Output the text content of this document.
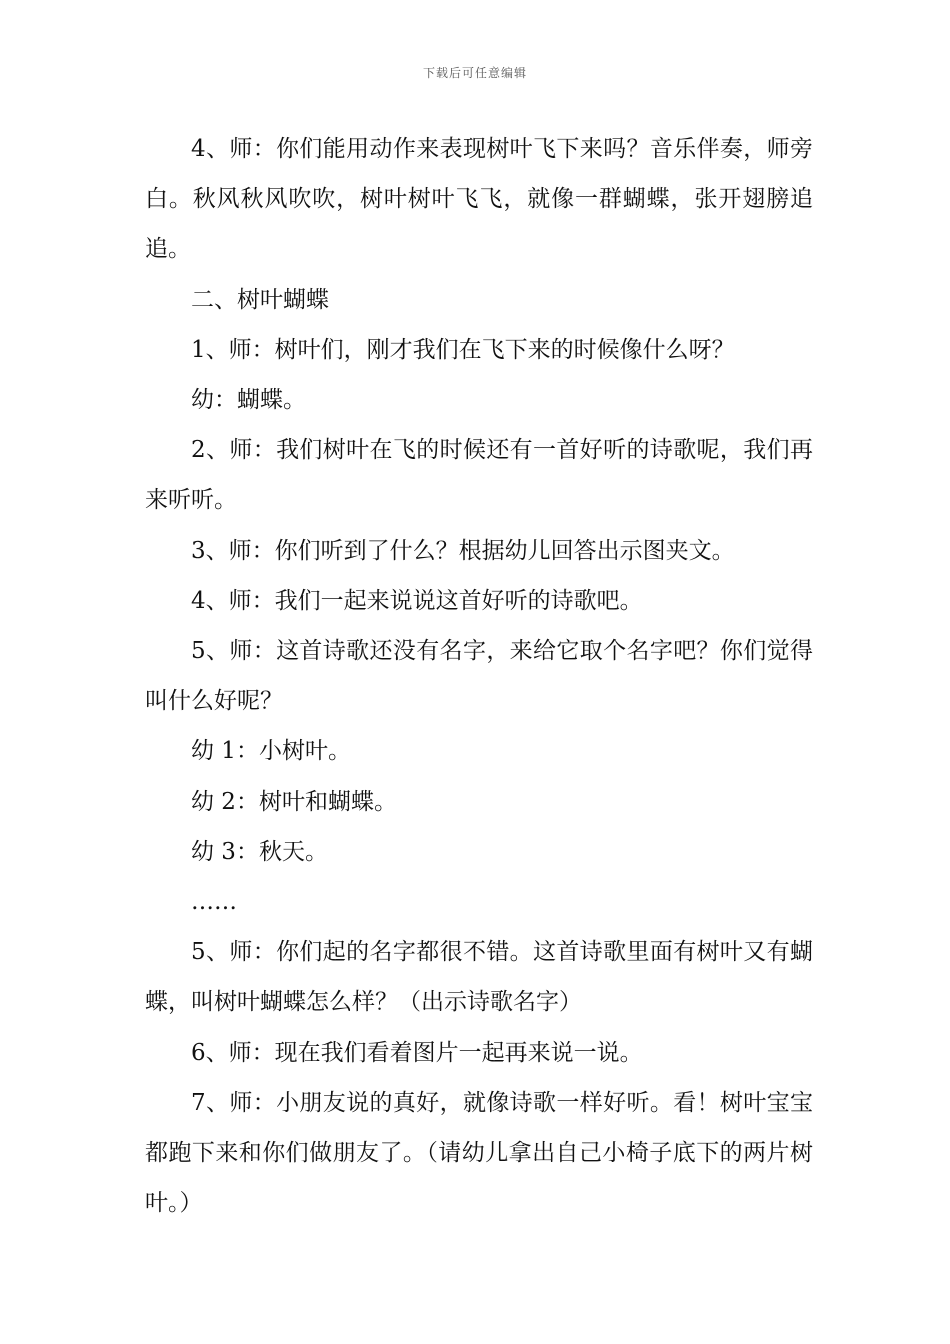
下载后可任意编辑

4、师：你们能用动作来表现树叶飞下来吗？音乐伴奏，师旁白。秋风秋风吹吹，树叶树叶飞飞，就像一群蝴蝶，张开翅膀追追。

二、树叶蝴蝶

1、师：树叶们，刚才我们在飞下来的时候像什么呀？

幼：蝴蝶。

2、师：我们树叶在飞的时候还有一首好听的诗歌呢，我们再来听听。

3、师：你们听到了什么？根据幼儿回答出示图夹文。

4、师：我们一起来说说这首好听的诗歌吧。

5、师：这首诗歌还没有名字，来给它取个名字吧？你们觉得叫什么好呢？

幼 1：小树叶。

幼 2：树叶和蝴蝶。

幼 3：秋天。

……

5、师：你们起的名字都很不错。这首诗歌里面有树叶又有蝴蝶，叫树叶蝴蝶怎么样？（出示诗歌名字）

6、师：现在我们看着图片一起再来说一说。

7、师：小朋友说的真好，就像诗歌一样好听。看！树叶宝宝都跑下来和你们做朋友了。（请幼儿拿出自己小椅子底下的两片树叶。）
